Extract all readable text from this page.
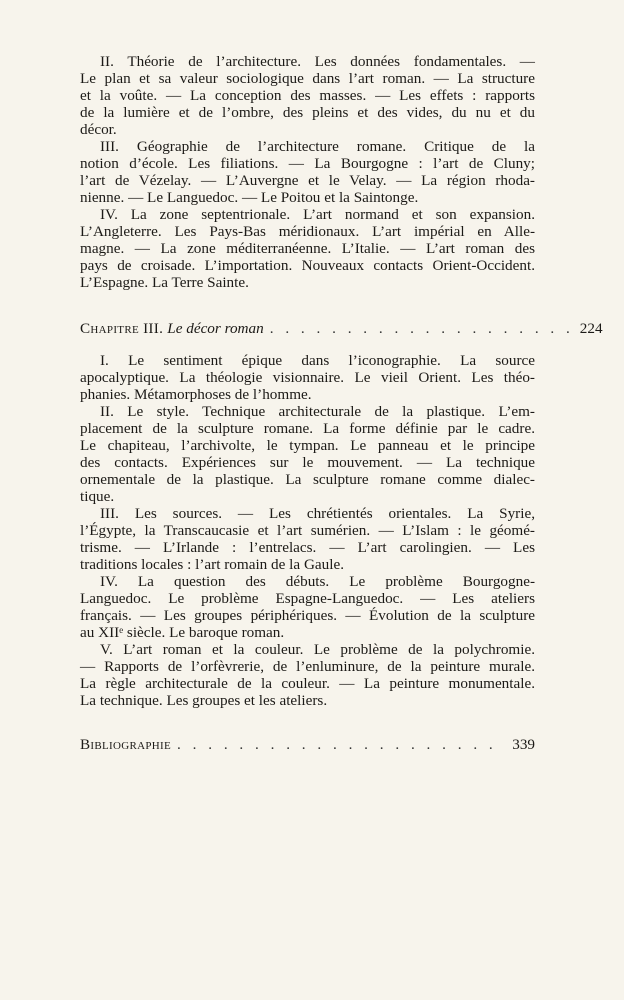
II. Théorie de l’architecture. Les données fondamentales. —
Le plan et sa valeur sociologique dans l’art roman. — La structure
et la voûte. — La conception des masses. — Les effets : rapports
de la lumière et de l’ombre, des pleins et des vides, du nu et du
décor.
III. Géographie de l’architecture romane. Critique de la
notion d’école. Les filiations. — La Bourgogne : l’art de Cluny;
l’art de Vézelay. — L’Auvergne et le Velay. — La région rhoda-
nienne. — Le Languedoc. — Le Poitou et la Saintonge.
IV. La zone septentrionale. L’art normand et son expansion.
L’Angleterre. Les Pays-Bas méridionaux. L’art impérial en Alle-
magne. — La zone méditerranéenne. L’Italie. — L’art roman des
pays de croisade. L’importation. Nouveaux contacts Orient-Occident.
L’Espagne. La Terre Sainte.
Chapitre III. Le décor roman . . . . . . . . . . . . . . . . . . . . 224
I. Le sentiment épique dans l’iconographie. La source
apocalyptique. La théologie visionnaire. Le vieil Orient. Les théo-
phanies. Métamorphoses de l’homme.
II. Le style. Technique architecturale de la plastique. L’em-
placement de la sculpture romane. La forme définie par le cadre.
Le chapiteau, l’archivolte, le tympan. Le panneau et le principe
des contacts. Expériences sur le mouvement. — La technique
ornementale de la plastique. La sculpture romane comme dialec-
tique.
III. Les sources. — Les chrétientés orientales. La Syrie,
l’Égypte, la Transcaucasie et l’art sumérien. — L’Islam : le géomé-
trisme. — L’Irlande : l’entrelacs. — L’art carolingien. — Les
traditions locales : l’art romain de la Gaule.
IV. La question des débuts. Le problème Bourgogne-
Languedoc. Le problème Espagne-Languedoc. — Les ateliers
français. — Les groupes périphériques. — Évolution de la sculpture
au XIIᵉ siècle. Le baroque roman.
V. L’art roman et la couleur. Le problème de la polychromie.
— Rapports de l’orfèvrerie, de l’enluminure, de la peinture murale.
La règle architecturale de la couleur. — La peinture monumentale.
La technique. Les groupes et les ateliers.
Bibliographie . . . . . . . . . . . . . . . . . . . . .	339
